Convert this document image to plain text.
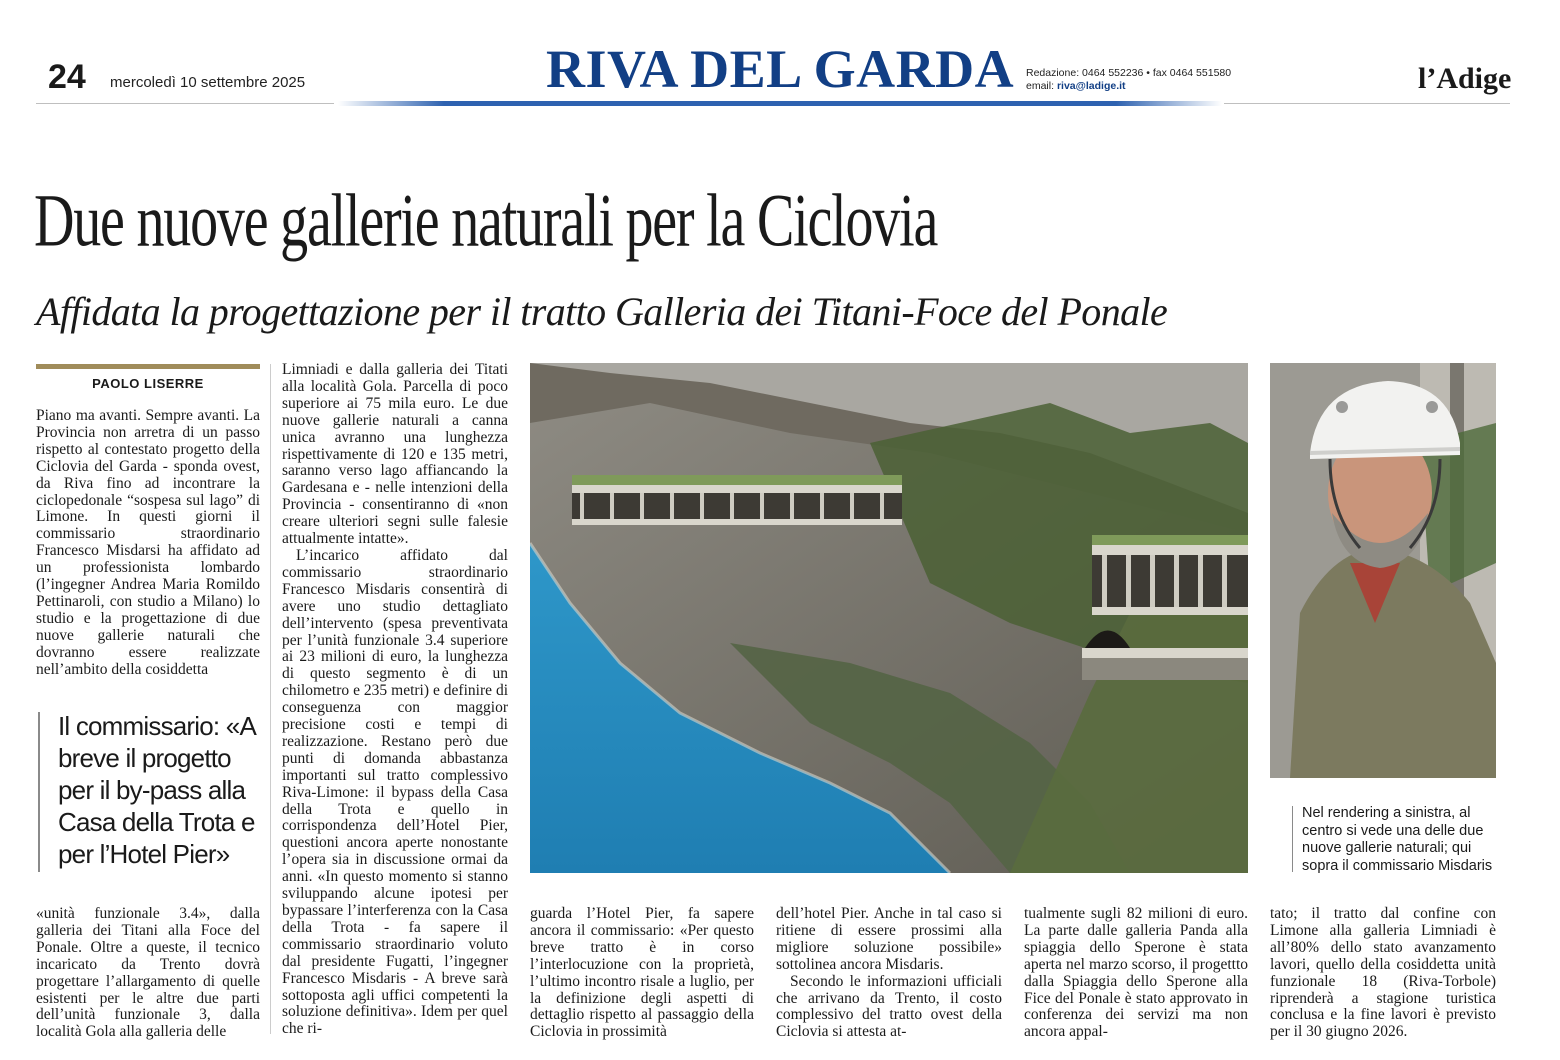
24 mercoledì 10 settembre 2025	RIVA DEL GARDA Redazione: 0464 552236 • fax 0464 551580
email: riva@ladige.it	l’Adige
Due nuove gallerie naturali per la Ciclovia
Affidata la progettazione per il tratto Galleria dei Titani-Foce del Ponale
PAOLO LISERRE

Piano ma avanti. Sempre avanti. La Provincia non arretra di un passo rispetto al contestato progetto della Ciclovia del Garda - sponda ovest, da Riva fino ad incontrare la ciclopedonale “sospesa sul lago” di Limone. In questi giorni il commissario straordinario Francesco Misdarsi ha affidato ad un professionista lombardo (l’ingegner Andrea Maria Romildo Pettinaroli, con studio a Milano) lo studio e la progettazione di due nuove gallerie naturali che dovranno essere realizzate nell’ambito della cosiddetta

Il commissario: «A breve il progetto per il by-pass alla Casa della Trota e per l’Hotel Pier»

«unità funzionale 3.4», dalla galleria dei Titani alla Foce del Ponale. Oltre a queste, il tecnico incaricato da Trento dovrà progettare l’allargamento di quelle esistenti per le altre due parti dell’unità funzionale 3, dalla località Gola alla galleria delle

Limniadi e dalla galleria dei Titati alla località Gola. Parcella di poco superiore ai 75 mila euro. Le due nuove gallerie naturali a canna unica avranno una lunghezza rispettivamente di 120 e 135 metri, saranno verso lago affiancando la Gardesana e - nelle intenzioni della Provincia - consentiranno di «non creare ulteriori segni sulle falesie attualmente intatte».

L’incarico affidato dal commissario straordinario Francesco Misdaris consentirà di avere uno studio dettagliato dell’intervento (spesa preventivata per l’unità funzionale 3.4 superiore ai 23 milioni di euro, la lunghezza di questo segmento è di un chilometro e 235 metri) e definire di conseguenza con maggior precisione costi e tempi di realizzazione. Restano però due punti di domanda abbastanza importanti sul tratto complessivo Riva-Limone: il bypass della Casa della Trota e quello in corrispondenza dell’Hotel Pier, questioni ancora aperte nonostante l’opera sia in discussione ormai da anni. «In questo momento si stanno sviluppando alcune ipotesi per bypassare l’interferenza con la Casa della Trota - fa sapere il commissario straordinario voluto dal presidente Fugatti, l’ingegner Francesco Misdaris - A breve sarà sottoposta agli uffici competenti la soluzione definitiva». Idem per quel che ri-

guarda l’Hotel Pier, fa sapere ancora il commissario: «Per questo breve tratto è in corso l’interlocuzione con la proprietà, l’ultimo incontro risale a luglio, per la definizione degli aspetti di dettaglio rispetto al passaggio della Ciclovia in prossimità

dell’hotel Pier. Anche in tal caso si ritiene di essere prossimi alla migliore soluzione possibile» sottolinea ancora Misdaris.

Secondo le informazioni ufficiali che arrivano da Trento, il costo complessivo del tratto ovest della Ciclovia si attesta at-

tualmente sugli 82 milioni di euro. La parte dalle galleria Panda alla spiaggia dello Sperone è stata aperta nel marzo scorso, il progettto dalla Spiaggia dello Sperone alla Fice del Ponale è stato approvato in conferenza dei servizi ma non ancora appal-

Nel rendering a sinistra, al centro si vede una delle due nuove gallerie naturali; qui sopra il commissario Misdaris

tato; il tratto dal confine con Limone alla galleria Limniadi è all’80% dello stato avanzamento lavori, quello della cosiddetta unità funzionale 18 (Riva-Torbole) riprenderà a stagione turistica conclusa e la fine lavori è previsto per il 30 giugno 2026.
